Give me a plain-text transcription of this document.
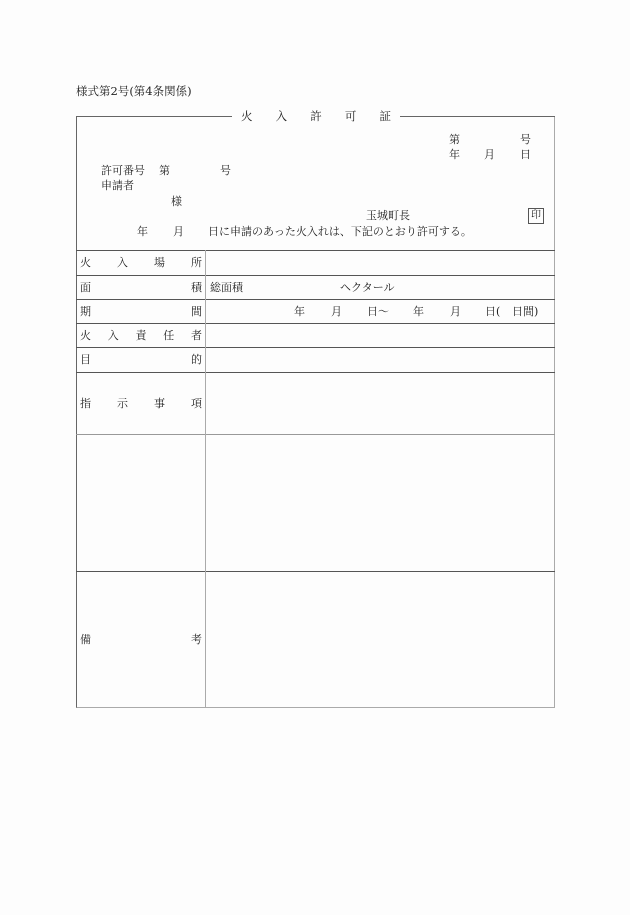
様式第2号(第4条関係)
火 入 許 可 証
第	号
年 月 日
許可番号 第	号
申請者
様
玉城町長	印
年 月 日に申請のあった火入れは、下記のとおり許可する。
火 入 場 所
面	積 総面積	ヘクタール
期	間	年 月 日～ 年 月 日( 日間)
火 入 責 任 者
目	的
指 示 事 項
備	考
